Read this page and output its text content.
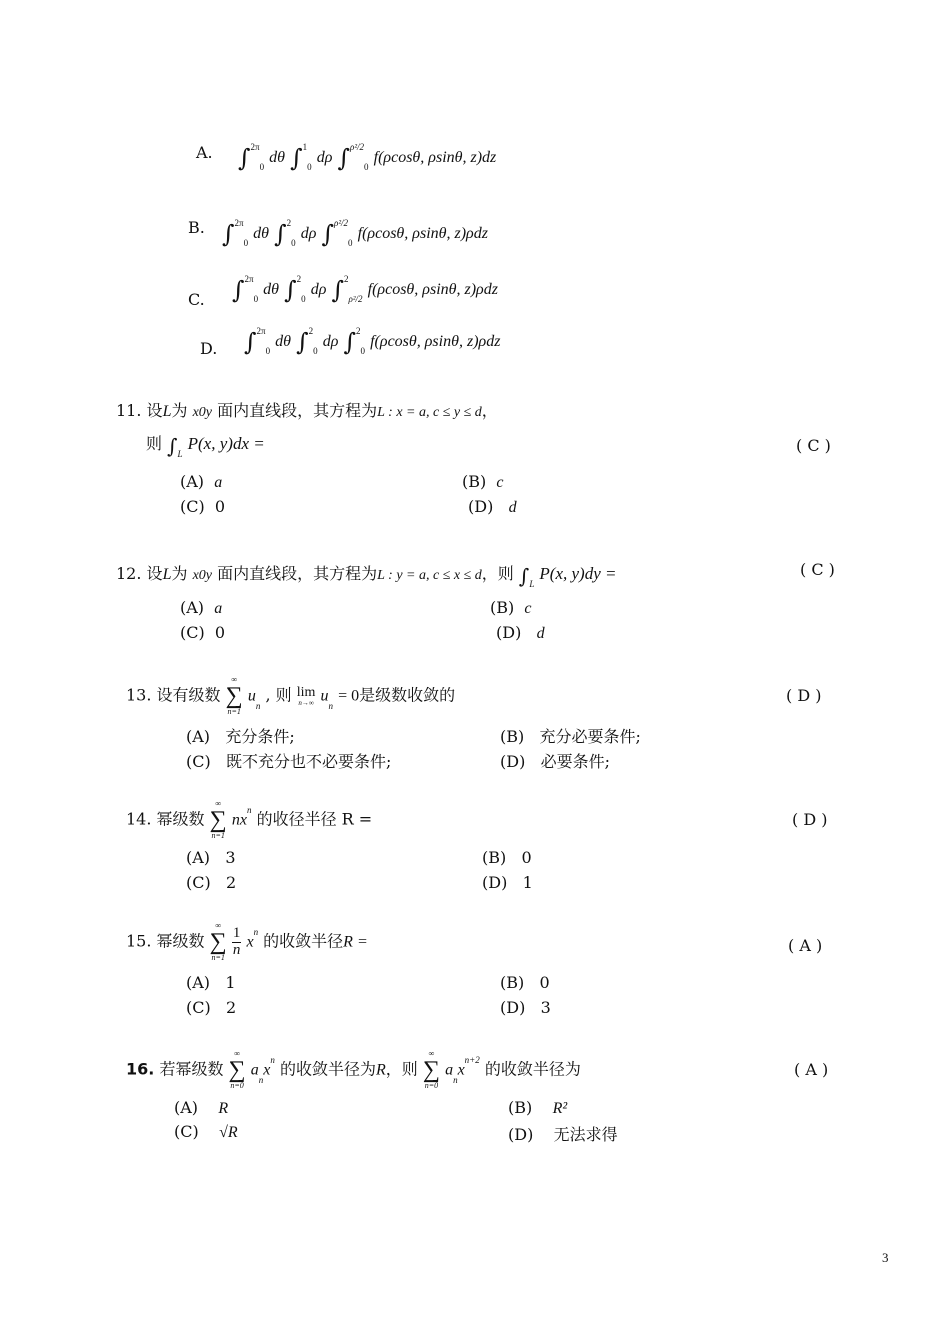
A. ∫$^{2\pi}_0$ dθ ∫$^1_0$ dρ ∫$^{\rho^2/2}_0$ f(ρcosθ, ρsinθ, z)dz
B. ∫$^{2\pi}_0$ dθ ∫$^2_0$ dρ ∫$^{\rho^2/2}_0$ f(ρcosθ, ρsinθ, z)ρdz
C. ∫$^{2\pi}_0$ dθ ∫$^2_0$ dρ ∫$^2_{\rho^2/2}$ f(ρcosθ, ρsinθ, z)ρdz
D. ∫$^{2\pi}_0$ dθ ∫$^2_0$ dρ ∫$^2_0$ f(ρcosθ, ρsinθ, z)ρdz
11. 设L为 x0y 面内直线段，其方程为L : x = a, c ≤ y ≤ d，
则 $\int_L$ P(x, y)dx =	( C )
(A) a	(B) c
(C) 0	(D) d
12. 设L为 x0y 面内直线段，其方程为L : y = a, c ≤ x ≤ d，则 $\int_L$ P(x, y)dy =	( C )
(A) a	(B) c
(C) 0	(D) d
13. 设有级数
∞
∑
n=1
$u_n$ , 则 lim
n→∞ $u_n = 0$是级数收敛的	( D )
(A) 充分条件;	(B) 充分必要条件;
(C) 既不充分也不必要条件;	(D) 必要条件;
14. 幂级数
∞
∑
n=1
$nx^n$ 的收径半径 R =	( D )
(A) 3	(B) 0
(C) 2	(D) 1
15. 幂级数
∞
∑
n=1
$\frac{1}{n} x^n$ 的收敛半径R =	( A )
(A) 1	(B) 0
(C) 2	(D) 3
16. 若幂级数
∞
∑
n=0
$a_nx^n$ 的收敛半径为R，则
∞
∑
n=0
$a_nx^{n+2}$ 的收敛半径为	( A )
(A) R	(B) R²
(C) √R	(D) 无法求得
3
